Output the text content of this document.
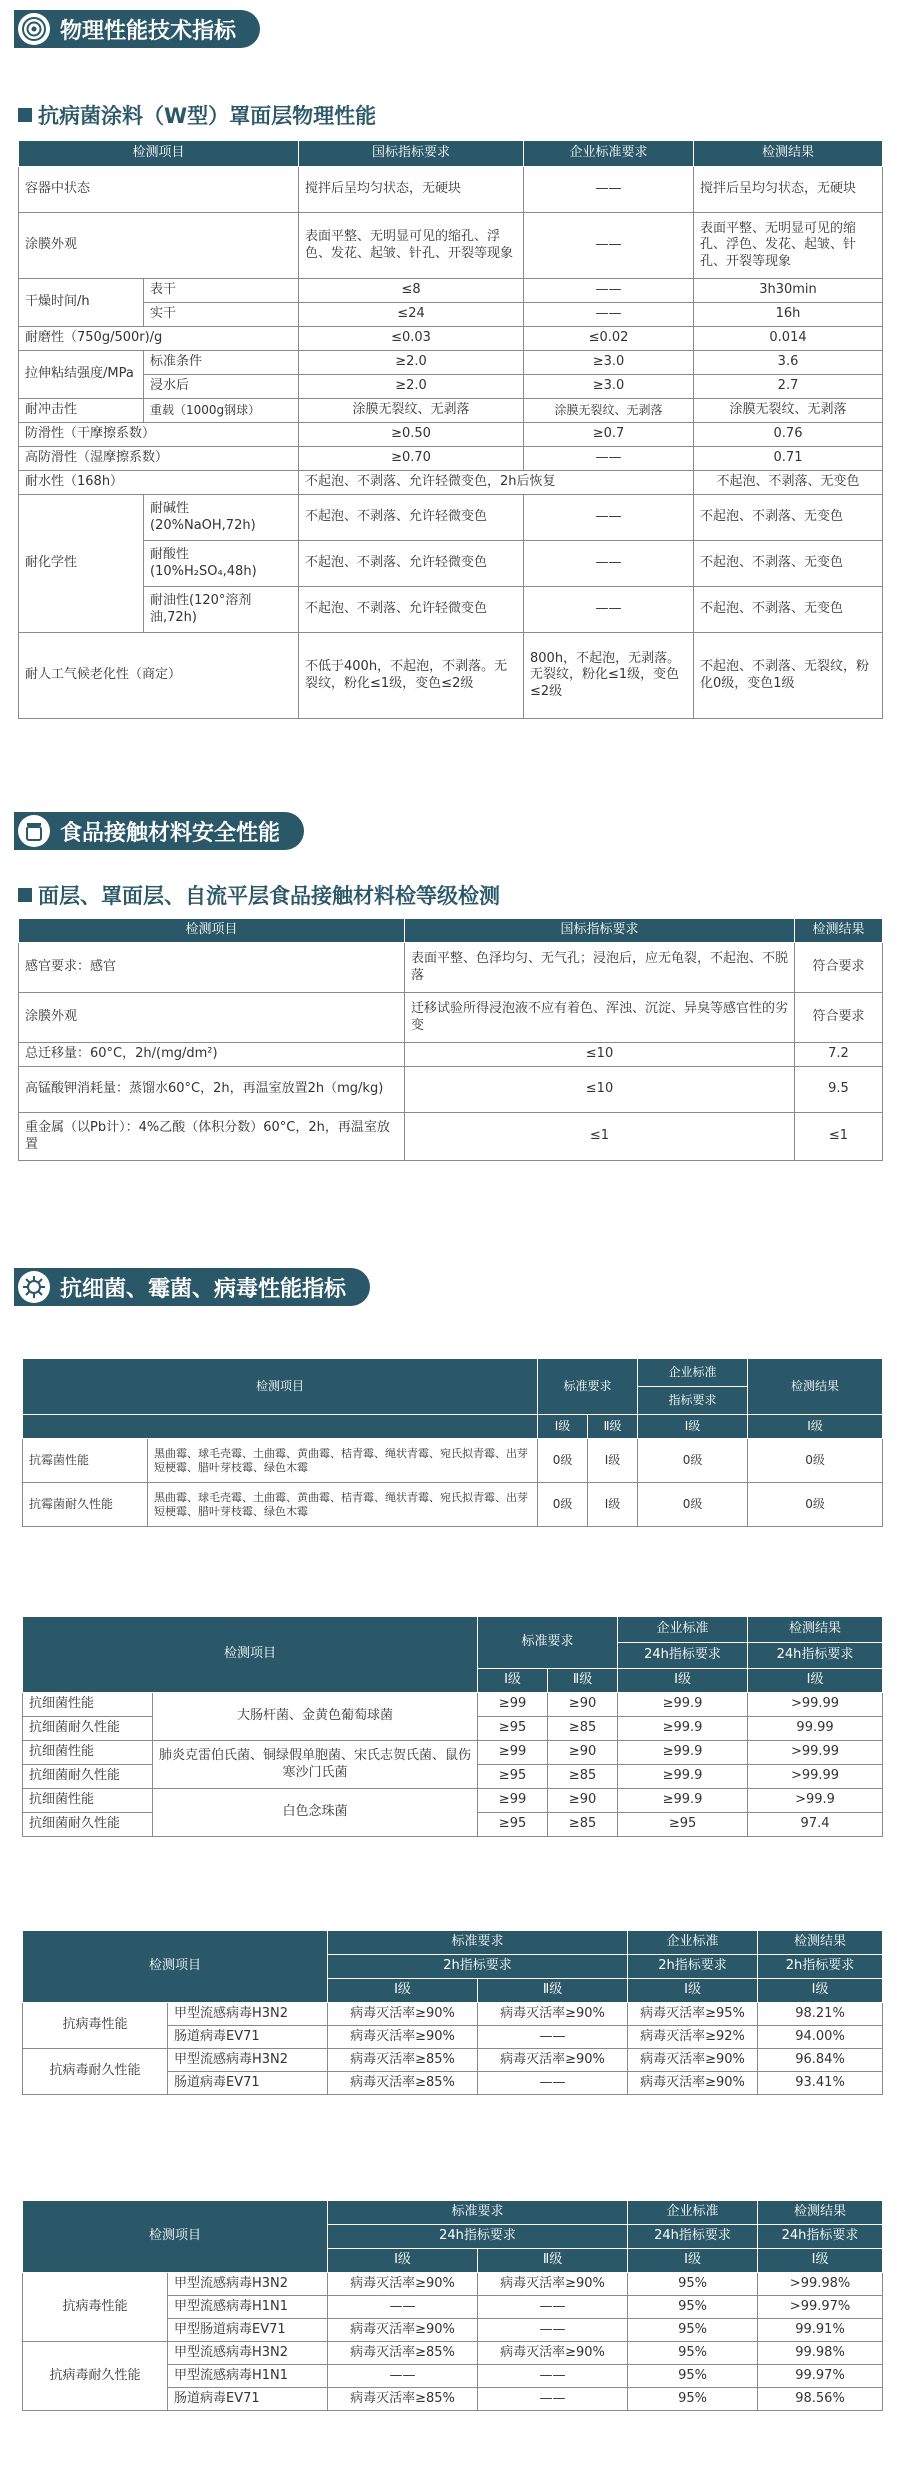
物理性能技术指标
抗病菌涂料（W型）罩面层物理性能
检测项目		国标指标要求	企业标准要求	检测结果
容器中状态		搅拌后呈均匀状态，无硬块	——	搅拌后呈均匀状态，无硬块
涂膜外观		表面平整、无明显可见的缩孔、浮色、发花、起皱、针孔、开裂等现象	——	表面平整、无明显可见的缩孔、浮色、发花、起皱、针孔、开裂等现象
干燥时间/h	表干	≤8	——	3h30min
	实干	≤24	——	16h
耐磨性（750g/500r)/g		≤0.03	≤0.02	0.014
拉伸粘结强度/MPa	标准条件	≥2.0	≥3.0	3.6
	浸水后	≥2.0	≥3.0	2.7
耐冲击性	重载（1000g钢球）	涂膜无裂纹、无剥落	涂膜无裂纹、无剥落	涂膜无裂纹、无剥落
防滑性（干摩擦系数）		≥0.50	≥0.7	0.76
高防滑性（湿摩擦系数）		≥0.70	——	0.71
耐水性（168h）		不起泡、不剥落、允许轻微变色，2h后恢复		不起泡、不剥落、无变色
耐化学性	耐碱性(20%NaOH,72h)	不起泡、不剥落、允许轻微变色	——	不起泡、不剥落、无变色
	耐酸性(10%H₂SO₄,48h)	不起泡、不剥落、允许轻微变色	——	不起泡、不剥落、无变色
	耐油性(120°溶剂油,72h)	不起泡、不剥落、允许轻微变色	——	不起泡、不剥落、无变色
耐人工气候老化性（商定）		不低于400h，不起泡，不剥落。无裂纹，粉化≤1级，变色≤2级	800h，不起泡，无剥落。无裂纹，粉化≤1级，变色≤2级	不起泡、不剥落、无裂纹，粉化0级，变色1级
食品接触材料安全性能
面层、罩面层、自流平层食品接触材料检等级检测
检测项目	国标指标要求	检测结果
感官要求：感官	表面平整、色泽均匀、无气孔；浸泡后，应无龟裂，不起泡、不脱落	符合要求
涂膜外观	迁移试验所得浸泡液不应有着色、浑浊、沉淀、异臭等感官性的劣变	符合要求
总迁移量：60°C，2h/(mg/dm²)	≤10	7.2
高锰酸钾消耗量：蒸馏水60°C，2h，再温室放置2h（mg/kg)	≤10	9.5
重金属（以Pb计）：4%乙酸（体积分数）60°C，2h，再温室放置	≤1	≤1
抗细菌、霉菌、病毒性能指标
检测项目		标准要求		企业标准	检测结果
				指标要求	
		Ⅰ级	Ⅱ级	Ⅰ级	Ⅰ级
抗霉菌性能	黑曲霉、球毛壳霉、土曲霉、黄曲霉、桔青霉、绳状青霉、宛氏拟青霉、出芽短梗霉、腊叶芽枝霉、绿色木霉	0级	Ⅰ级	0级	0级
抗霉菌耐久性能	黑曲霉、球毛壳霉、土曲霉、黄曲霉、桔青霉、绳状青霉、宛氏拟青霉、出芽短梗霉、腊叶芽枝霉、绿色木霉	0级	Ⅰ级	0级	0级
检测项目		标准要求		企业标准	检测结果
				24h指标要求	24h指标要求
		Ⅰ级	Ⅱ级	Ⅰ级	Ⅰ级
抗细菌性能	大肠杆菌、金黄色葡萄球菌	≥99	≥90	≥99.9	>99.99
抗细菌耐久性能		≥95	≥85	≥99.9	99.99
抗细菌性能	肺炎克雷伯氏菌、铜绿假单胞菌、宋氏志贺氏菌、鼠伤寒沙门氏菌	≥99	≥90	≥99.9	>99.99
抗细菌耐久性能		≥95	≥85	≥99.9	>99.99
抗细菌性能	白色念珠菌	≥99	≥90	≥99.9	>99.9
抗细菌耐久性能		≥95	≥85	≥95	97.4
检测项目		标准要求		企业标准	检测结果
		2h指标要求		2h指标要求	2h指标要求
		Ⅰ级	Ⅱ级	Ⅰ级	Ⅰ级
抗病毒性能	甲型流感病毒H3N2	病毒灭活率≥90%	病毒灭活率≥90%	病毒灭活率≥95%	98.21%
	肠道病毒EV71	病毒灭活率≥90%	——	病毒灭活率≥92%	94.00%
抗病毒耐久性能	甲型流感病毒H3N2	病毒灭活率≥85%	病毒灭活率≥90%	病毒灭活率≥90%	96.84%
	肠道病毒EV71	病毒灭活率≥85%	——	病毒灭活率≥90%	93.41%
检测项目		标准要求		企业标准	检测结果
		24h指标要求		24h指标要求	24h指标要求
		Ⅰ级	Ⅱ级	Ⅰ级	Ⅰ级
抗病毒性能	甲型流感病毒H3N2	病毒灭活率≥90%	病毒灭活率≥90%	95%	>99.98%
	甲型流感病毒H1N1	——	——	95%	>99.97%
	甲型肠道病毒EV71	病毒灭活率≥90%	——	95%	99.91%
抗病毒耐久性能	甲型流感病毒H3N2	病毒灭活率≥85%	病毒灭活率≥90%	95%	99.98%
	甲型流感病毒H1N1	——	——	95%	99.97%
	肠道病毒EV71	病毒灭活率≥85%	——	95%	98.56%
